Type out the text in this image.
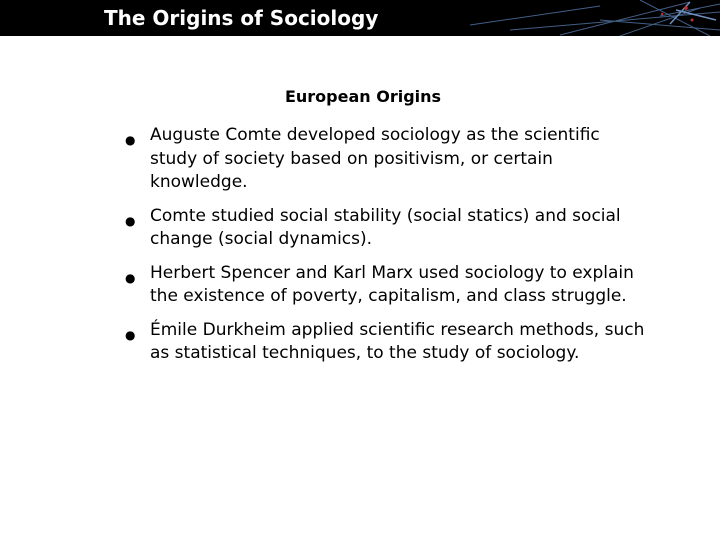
The Origins of Sociology
European Origins
● Auguste Comte developed sociology as the scientific study of society based on positivism, or certain knowledge.
● Comte studied social stability (social statics) and social change (social dynamics).
● Herbert Spencer and Karl Marx used sociology to explain the existence of poverty, capitalism, and class struggle.
● Émile Durkheim applied scientific research methods, such as statistical techniques, to the study of sociology.
